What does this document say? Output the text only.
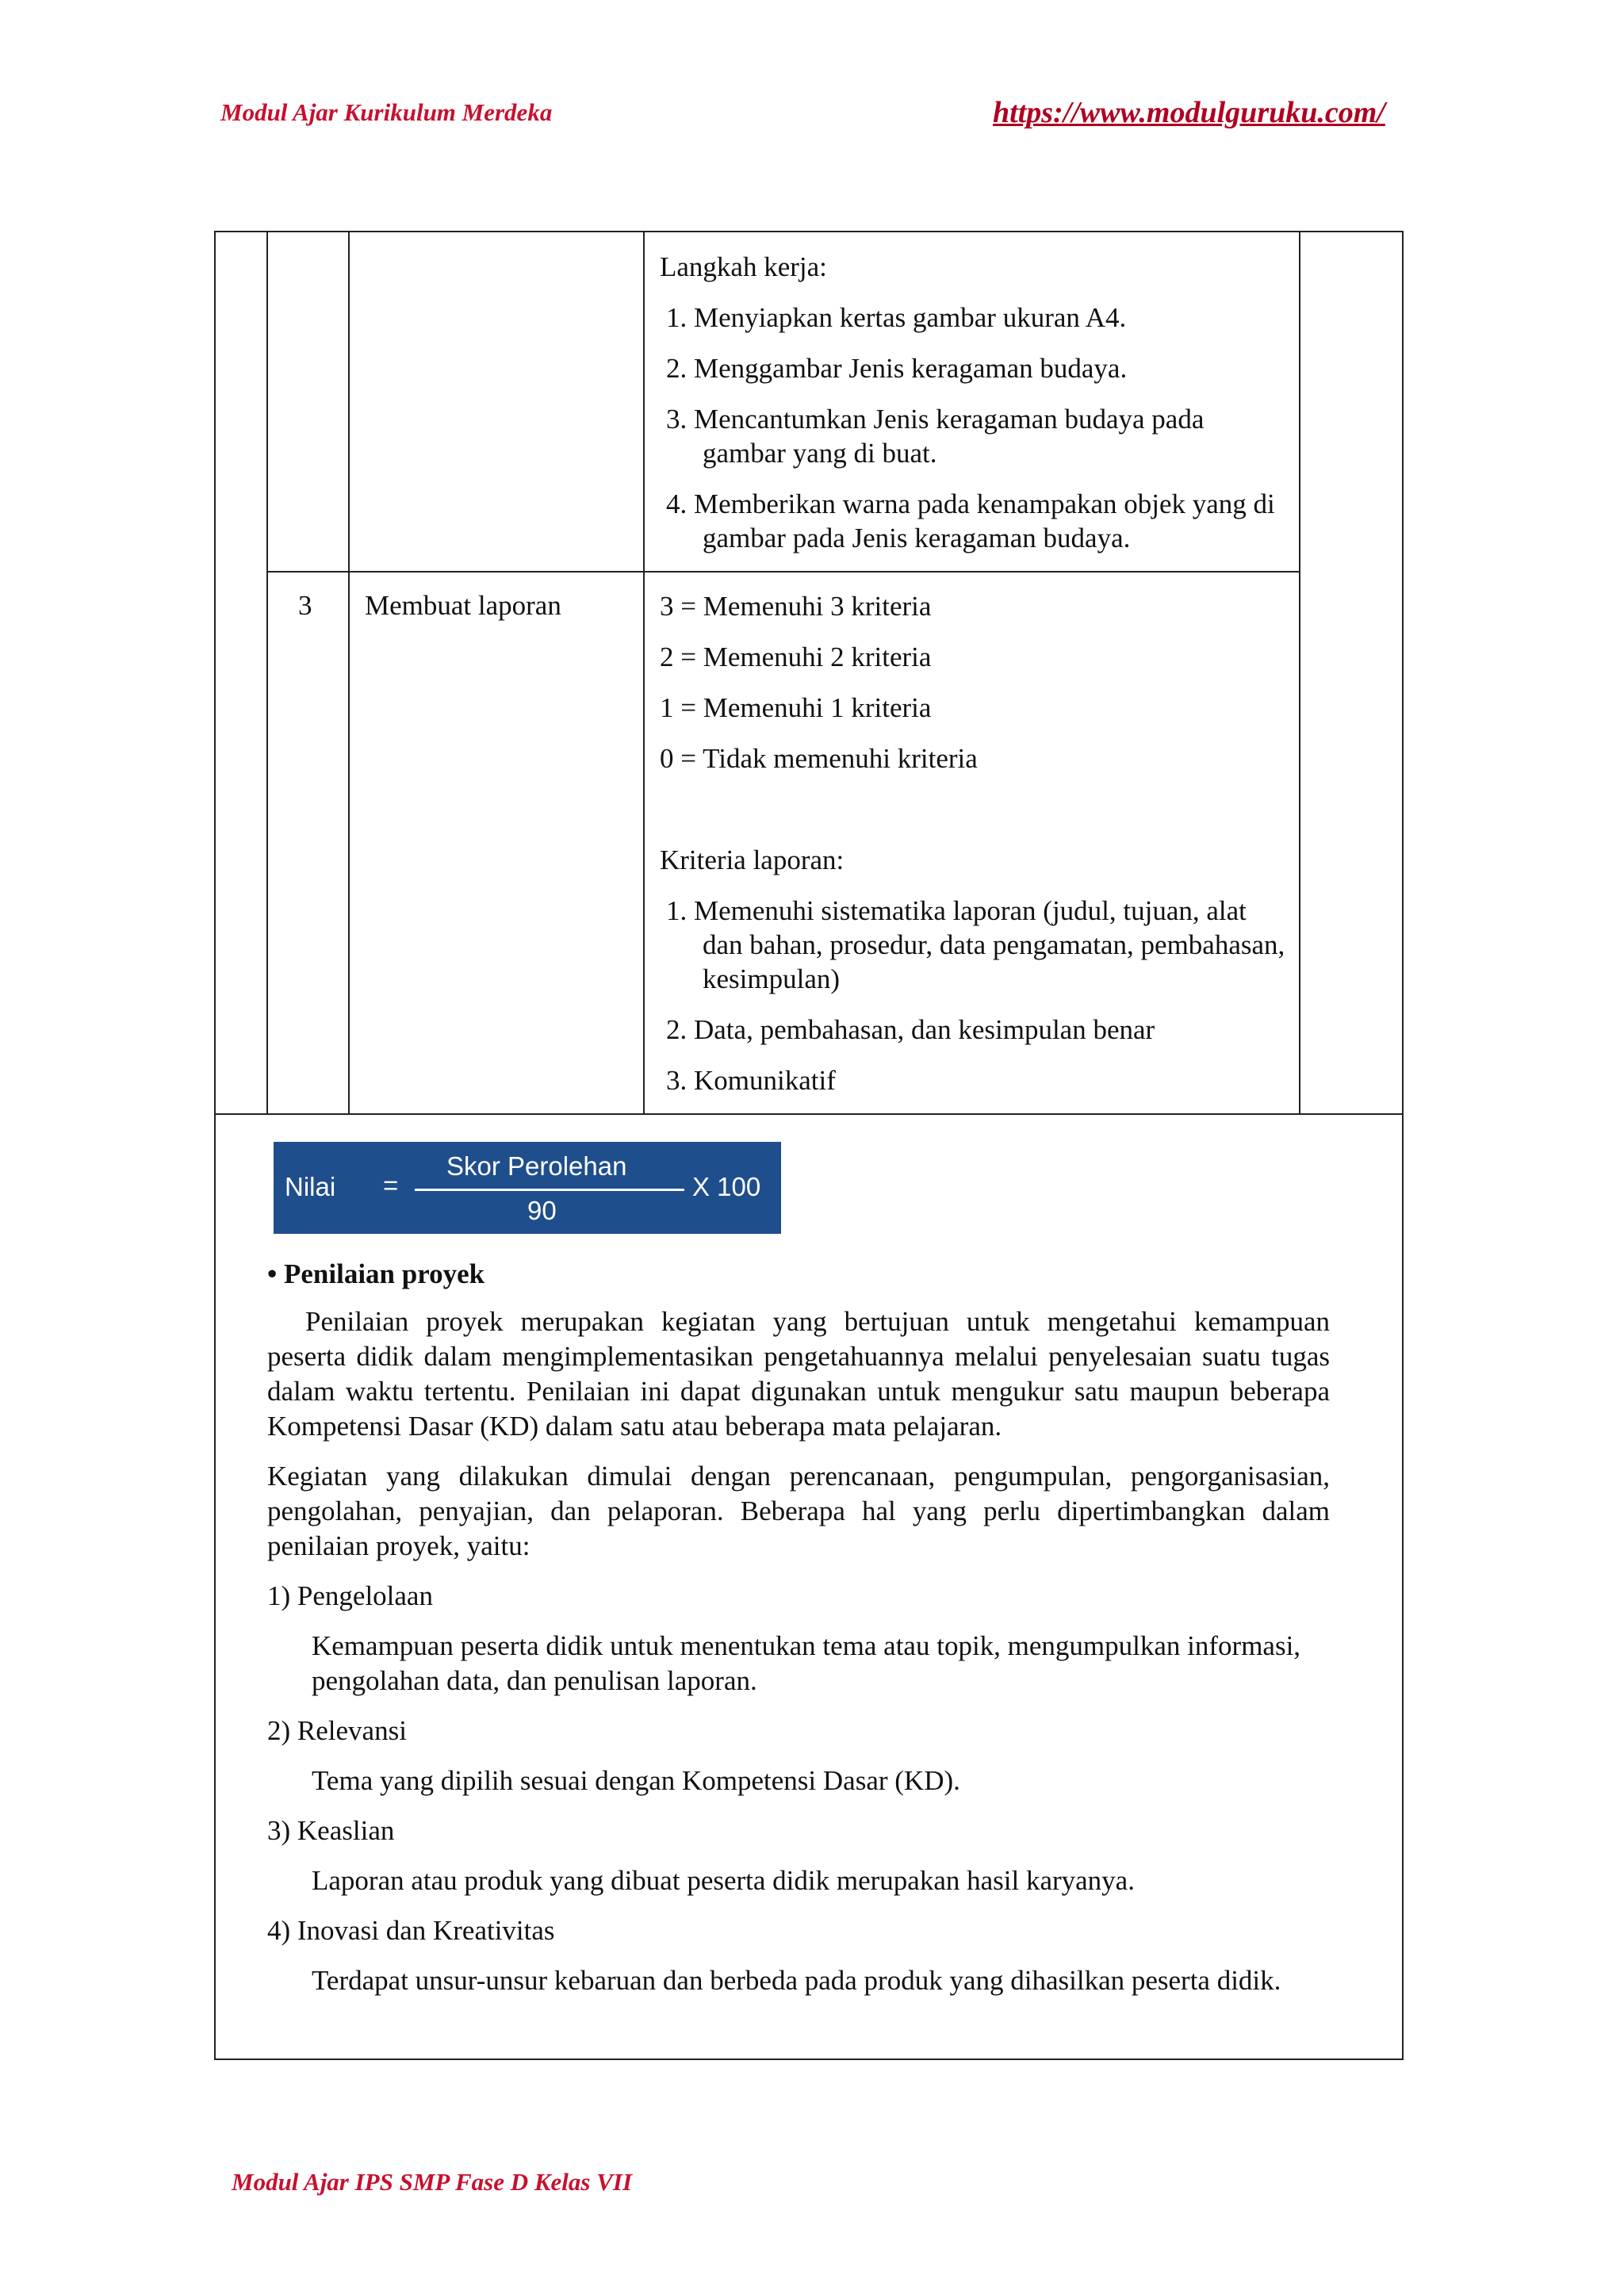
Modul Ajar Kurikulum Merdeka	https://www.modulguruku.com/

Langkah kerja:

1. Menyiapkan kertas gambar ukuran A4.

2. Menggambar Jenis keragaman budaya.

3. Mencantumkan Jenis keragaman budaya pada gambar yang di buat.

4. Memberikan warna pada kenampakan objek yang di gambar pada Jenis keragaman budaya.

3 Membuat laporan	3 = Memenuhi 3 kriteria

2 = Memenuhi 2 kriteria

1 = Memenuhi 1 kriteria

0 = Tidak memenuhi kriteria

Kriteria laporan:

1. Memenuhi sistematika laporan (judul, tujuan, alat dan bahan, prosedur, data pengamatan, pembahasan, kesimpulan)

2. Data, pembahasan, dan kesimpulan benar

3. Komunikatif

Nilai =
Skor Perolehan
90
X 100

• Penilaian proyek

Penilaian proyek merupakan kegiatan yang bertujuan untuk mengetahui kemampuan peserta didik dalam mengimplementasikan pengetahuannya melalui penyelesaian suatu tugas dalam waktu tertentu. Penilaian ini dapat digunakan untuk mengukur satu maupun beberapa Kompetensi Dasar (KD) dalam satu atau beberapa mata pelajaran.

Kegiatan yang dilakukan dimulai dengan perencanaan, pengumpulan, pengorganisasian, pengolahan, penyajian, dan pelaporan. Beberapa hal yang perlu dipertimbangkan dalam penilaian proyek, yaitu:

1) Pengelolaan

Kemampuan peserta didik untuk menentukan tema atau topik, mengumpulkan informasi, pengolahan data, dan penulisan laporan.

2) Relevansi

Tema yang dipilih sesuai dengan Kompetensi Dasar (KD).

3) Keaslian

Laporan atau produk yang dibuat peserta didik merupakan hasil karyanya.

4) Inovasi dan Kreativitas

Terdapat unsur-unsur kebaruan dan berbeda pada produk yang dihasilkan peserta didik.

Modul Ajar IPS SMP Fase D Kelas VII
